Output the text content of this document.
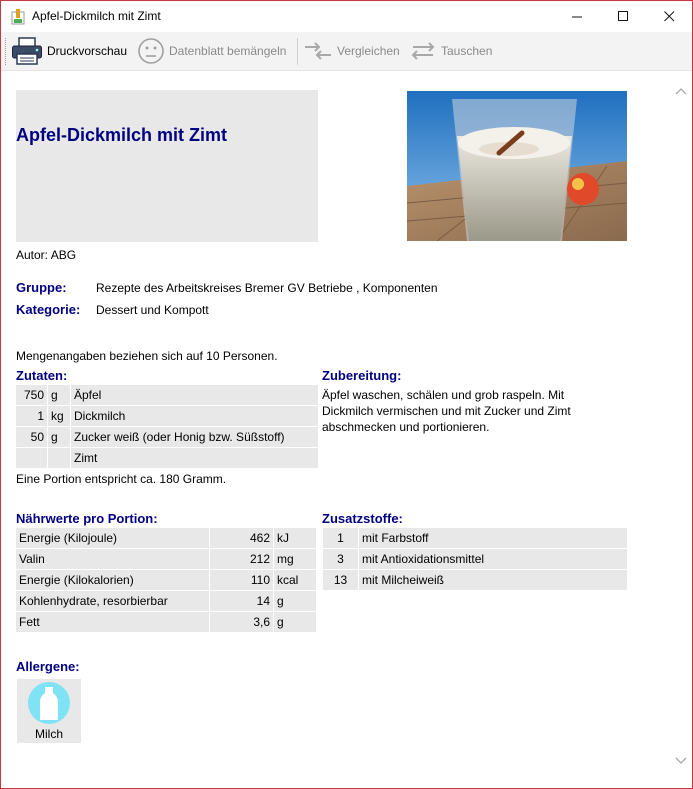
Apfel-Dickmilch mit Zimt
Druckvorschau	Datenblatt bemängeln	Vergleichen	Tauschen
Apfel-Dickmilch mit Zimt
Autor: ABG
Gruppe: Rezepte des Arbeitskreises Bremer GV Betriebe , Komponenten
Kategorie: Dessert und Kompott
Mengenangaben beziehen sich auf 10 Personen.
Zutaten:
750	g	Äpfel
1	kg	Dickmilch
50	g	Zucker weiß (oder Honig bzw. Süßstoff)
		Zimt
Eine Portion entspricht ca. 180 Gramm.
Zubereitung:
Äpfel waschen, schälen und grob raspeln. Mit Dickmilch vermischen und mit Zucker und Zimt abschmecken und portionieren.
Nährwerte pro Portion:
Energie (Kilojoule)	462	kJ
Valin	212	mg
Energie (Kilokalorien)	110	kcal
Kohlenhydrate, resorbierbar	14	g
Fett	3,6	g
Zusatzstoffe:
1	mit Farbstoff
3	mit Antioxidationsmittel
13	mit Milcheiweiß
Allergene:
Milch
